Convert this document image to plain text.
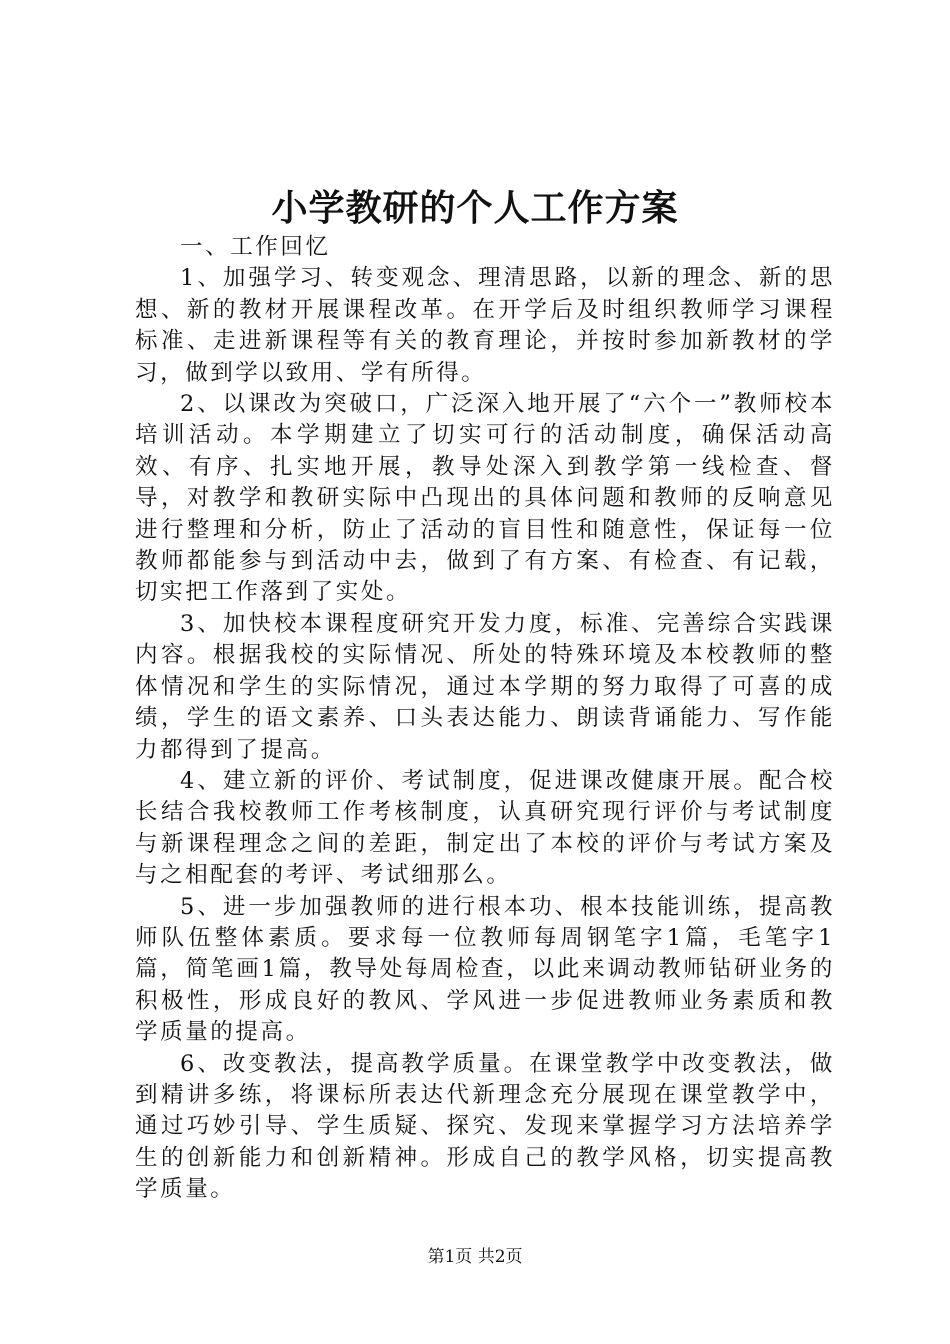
小学教研的个人工作方案

一、工作回忆

1、加强学习、转变观念、理清思路，以新的理念、新的思想、新的教材开展课程改革。在开学后及时组织教师学习课程标准、走进新课程等有关的教育理论，并按时参加新教材的学习，做到学以致用、学有所得。

2、以课改为突破口，广泛深入地开展了“六个一”教师校本培训活动。本学期建立了切实可行的活动制度，确保活动高效、有序、扎实地开展，教导处深入到教学第一线检查、督导，对教学和教研实际中凸现出的具体问题和教师的反响意见进行整理和分析，防止了活动的盲目性和随意性，保证每一位教师都能参与到活动中去，做到了有方案、有检查、有记载，切实把工作落到了实处。

3、加快校本课程度研究开发力度，标准、完善综合实践课内容。根据我校的实际情况、所处的特殊环境及本校教师的整体情况和学生的实际情况，通过本学期的努力取得了可喜的成绩，学生的语文素养、口头表达能力、朗读背诵能力、写作能力都得到了提高。

4、建立新的评价、考试制度，促进课改健康开展。配合校长结合我校教师工作考核制度，认真研究现行评价与考试制度与新课程理念之间的差距，制定出了本校的评价与考试方案及与之相配套的考评、考试细那么。

5、进一步加强教师的进行根本功、根本技能训练，提高教师队伍整体素质。要求每一位教师每周钢笔字1篇，毛笔字1篇，简笔画1篇，教导处每周检查，以此来调动教师钻研业务的积极性，形成良好的教风、学风进一步促进教师业务素质和教学质量的提高。

6、改变教法，提高教学质量。在课堂教学中改变教法，做到精讲多练，将课标所表达代新理念充分展现在课堂教学中，通过巧妙引导、学生质疑、探究、发现来掌握学习方法培养学生的创新能力和创新精神。形成自己的教学风格，切实提高教学质量。

第1页 共2页
